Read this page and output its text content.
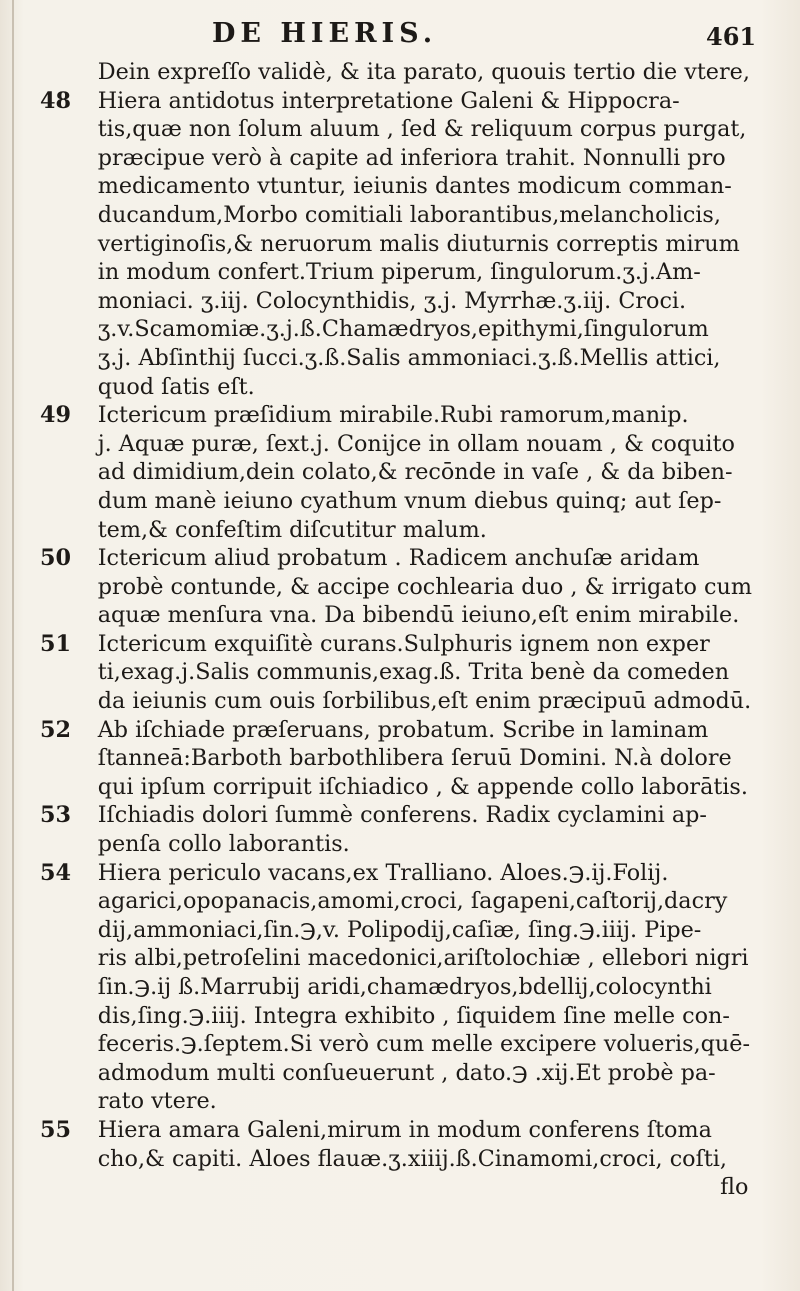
DE HIERIS.	461
Dein expreſſo validè, & ita parato, quouis tertio die vtere,
48 Hiera antidotus interpretatione Galeni & Hippocra-
tis,quæ non ſolum aluum , ſed & reliquum corpus purgat,
præcipue verò à capite ad inferiora trahit. Nonnulli pro
medicamento vtuntur, ieiunis dantes modicum comman-
ducandum,Morbo comitiali laborantibus,melancholicis,
vertiginoſis,& neruorum malis diuturnis correptis mirum
in modum confert.Trium piperum, ſingulorum.ʒ.j.Am-
moniaci. ʒ.iij. Colocynthidis, ʒ.j. Myrrhæ.ʒ.iij. Croci.
ʒ.v.Scamomiæ.ʒ.j.ß.Chamædryos,epithymi,ſingulorum
ʒ.j. Abſinthij ſucci.ʒ.ß.Salis ammoniaci.ʒ.ß.Mellis attici,
quod ſatis eſt.
49 Ictericum præſidium mirabile.Rubi ramorum,manip.
j. Aquæ puræ, ſext.j. Conijce in ollam nouam , & coquito
ad dimidium,dein colato,& recōnde in vaſe , & da biben-
dum manè ieiuno cyathum vnum diebus quinq; aut ſep-
tem,& confeſtim diſcutitur malum.
50 Ictericum aliud probatum . Radicem anchuſæ aridam
probè contunde, & accipe cochlearia duo , & irrigato cum
aquæ menſura vna. Da bibendū ieiuno,eſt enim mirabile.
51 Ictericum exquiſitè curans.Sulphuris ignem non exper
ti,exag.j.Salis communis,exag.ß. Trita benè da comeden
da ieiunis cum ouis ſorbilibus,eſt enim præcipuū admodū.
52 Ab iſchiade præſeruans, probatum. Scribe in laminam
ſtanneā:Barboth barbothlibera ſeruū Domini. N.à dolore
qui ipſum corripuit iſchiadico , & appende collo laborātis.
53 Iſchiadis dolori ſummè conferens. Radix cyclamini ap-
penſa collo laborantis.
54 Hiera periculo vacans,ex Tralliano. Aloes.℈.ij.Folij.
agarici,opopanacis,amomi,croci, ſagapeni,caſtorij,dacry
dij,ammoniaci,ſin.℈,v. Polipodij,caſiæ, ſing.℈.iiij. Pipe-
ris albi,petroſelini macedonici,ariſtolochiæ , ellebori nigri
ſin.℈.ij ß.Marrubij aridi,chamædryos,bdellij,colocynthi
dis,ſing.℈.iiij. Integra exhibito , ſiquidem ſine melle con-
feceris.℈.ſeptem.Si verò cum melle excipere volueris,quē-
admodum multi conſueuerunt , dato.℈ .xij.Et probè pa-
rato vtere.
55 Hiera amara Galeni,mirum in modum conferens ſtoma
cho,& capiti. Aloes flauæ.ʒ.xiiij.ß.Cinamomi,croci, coſti,
flo
